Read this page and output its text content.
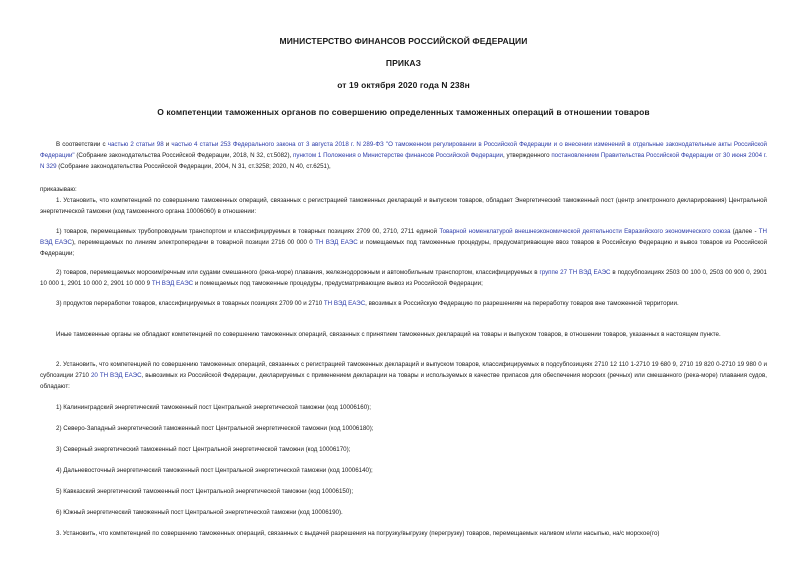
МИНИСТЕРСТВО ФИНАНСОВ РОССИЙСКОЙ ФЕДЕРАЦИИ
ПРИКАЗ
от 19 октября 2020 года N 238н
О компетенции таможенных органов по совершению определенных таможенных операций в отношении товаров
В соответствии с частью 2 статьи 98 и частью 4 статьи 253 Федерального закона от 3 августа 2018 г. N 289-ФЗ "О таможенном регулировании в Российской Федерации и о внесении изменений в отдельные законодательные акты Российской Федерации" (Собрание законодательства Российской Федерации, 2018, N 32, ст.5082), пунктом 1 Положения о Министерстве финансов Российской Федерации, утвержденного постановлением Правительства Российской Федерации от 30 июня 2004 г. N 329 (Собрание законодательства Российской Федерации, 2004, N 31, ст.3258; 2020, N 40, ст.6251),
приказываю:
1. Установить, что компетенцией по совершению таможенных операций, связанных с регистрацией таможенных деклараций и выпуском товаров, обладает Энергетический таможенный пост (центр электронного декларирования) Центральной энергетической таможни (код таможенного органа 10006060) в отношении:
1) товаров, перемещаемых трубопроводным транспортом и классифицируемых в товарных позициях 2709 00, 2710, 2711 единой Товарной номенклатурой внешнеэкономической деятельности Евразийского экономического союза (далее - ТН ВЭД ЕАЭС), перемещаемых по линиям электропередачи в товарной позиции 2716 00 000 0 ТН ВЭД ЕАЭС и помещаемых под таможенные процедуры, предусматривающие ввоз товаров в Российскую Федерацию и вывоз товаров из Российской Федерации;
2) товаров, перемещаемых морским/речным или судами смешанного (река-море) плавания, железнодорожным и автомобильным транспортом, классифицируемых в группе 27 ТН ВЭД ЕАЭС в подсубпозициях 2503 00 100 0, 2503 00 900 0, 2901 10 000 1, 2901 10 000 2, 2901 10 000 9 ТН ВЭД ЕАЭС и помещаемых под таможенные процедуры, предусматривающие вывоз из Российской Федерации;
3) продуктов переработки товаров, классифицируемых в товарных позициях 2709 00 и 2710 ТН ВЭД ЕАЭС, ввозимых в Российскую Федерацию по разрешениям на переработку товаров вне таможенной территории.
Иные таможенные органы не обладают компетенцией по совершению таможенных операций, связанных с принятием таможенных деклараций на товары и выпуском товаров, в отношении товаров, указанных в настоящем пункте.
2. Установить, что компетенцией по совершению таможенных операций, связанных с регистрацией таможенных деклараций и выпуском товаров, классифицируемых в подсубпозициях 2710 12 110 1-2710 19 680 9, 2710 19 820 0-2710 19 980 0 и субпозиции 2710 20 ТН ВЭД ЕАЭС, вывозимых из Российской Федерации, декларируемых с применением декларации на товары и используемых в качестве припасов для обеспечения морских (речных) или смешанного (река-море) плавания судов, обладают:
1) Калининградский энергетический таможенный пост Центральной энергетической таможни (код 10006160);
2) Северо-Западный энергетический таможенный пост Центральной энергетической таможни (код 10006180);
3) Северный энергетический таможенный пост Центральной энергетической таможни (код 10006170);
4) Дальневосточный энергетический таможенный пост Центральной энергетической таможни (код 10006140);
5) Кавказский энергетический таможенный пост Центральной энергетической таможни (код 10006150);
6) Южный энергетический таможенный пост Центральной энергетической таможни (код 10006190).
3. Установить, что компетенцией по совершению таможенных операций, связанных с выдачей разрешения на погрузку/выгрузку (перегрузку) товаров, перемещаемых наливом и/или насыпью, на/с морское(го)
